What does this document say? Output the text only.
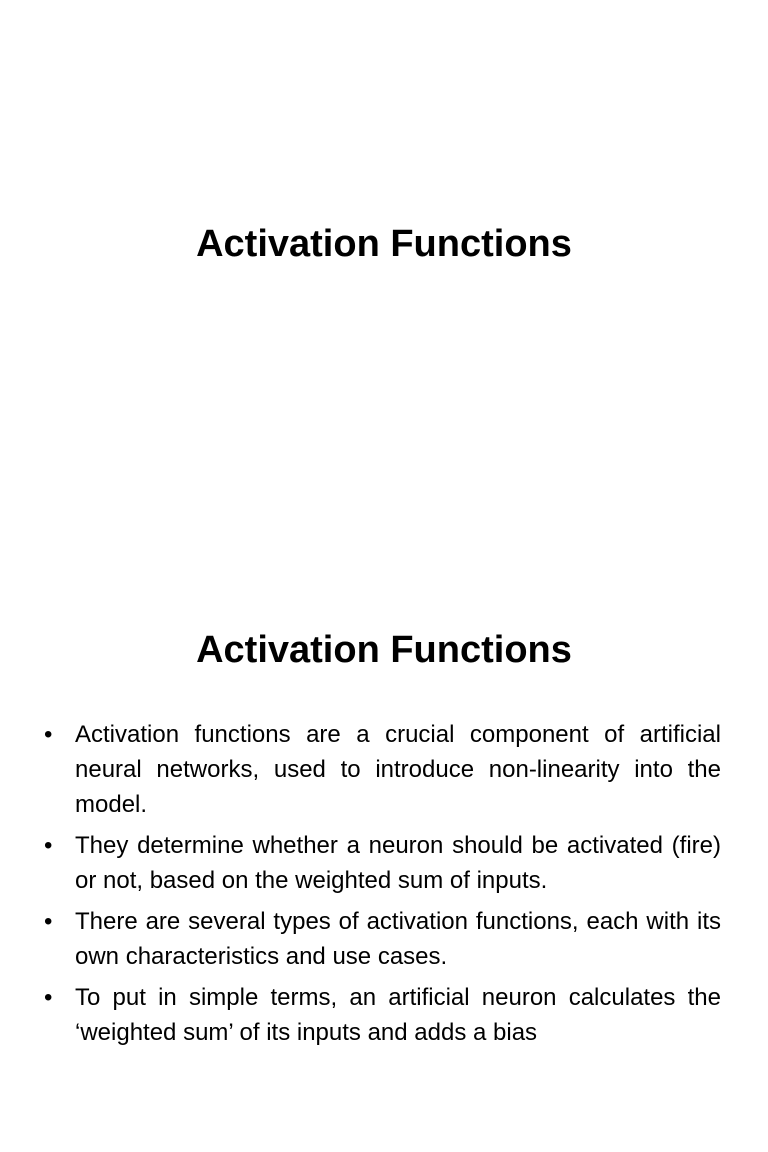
Activation Functions
Activation Functions
• Activation functions are a crucial component of artificial neural networks, used to introduce non-linearity into the model.
• They determine whether a neuron should be activated (fire) or not, based on the weighted sum of inputs.
• There are several types of activation functions, each with its own characteristics and use cases.
• To put in simple terms, an artificial neuron calculates the ‘weighted sum’ of its inputs and adds a bias
